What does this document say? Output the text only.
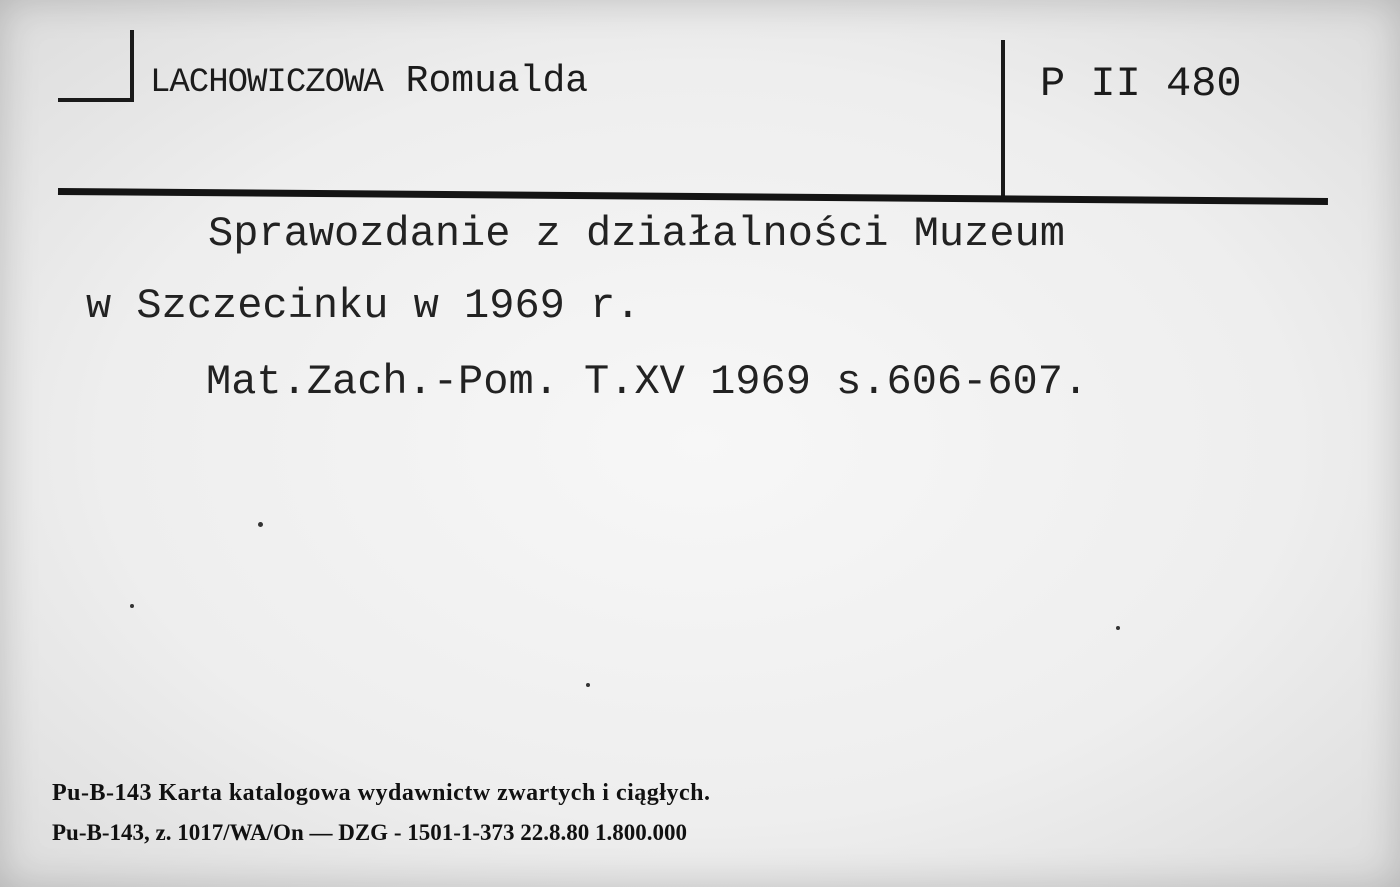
LACHOWICZOWA Romualda	P II 480
Sprawozdanie z działalności Muzeum
w Szczecinku w 1969 r.
Mat.Zach.-Pom. T.XV 1969 s.606-607.
Pu-B-143 Karta katalogowa wydawnictw zwartych i ciągłych.
Pu-B-143, z. 1017/WA/On — DZG - 1501-1-373 22.8.80 1.800.000
